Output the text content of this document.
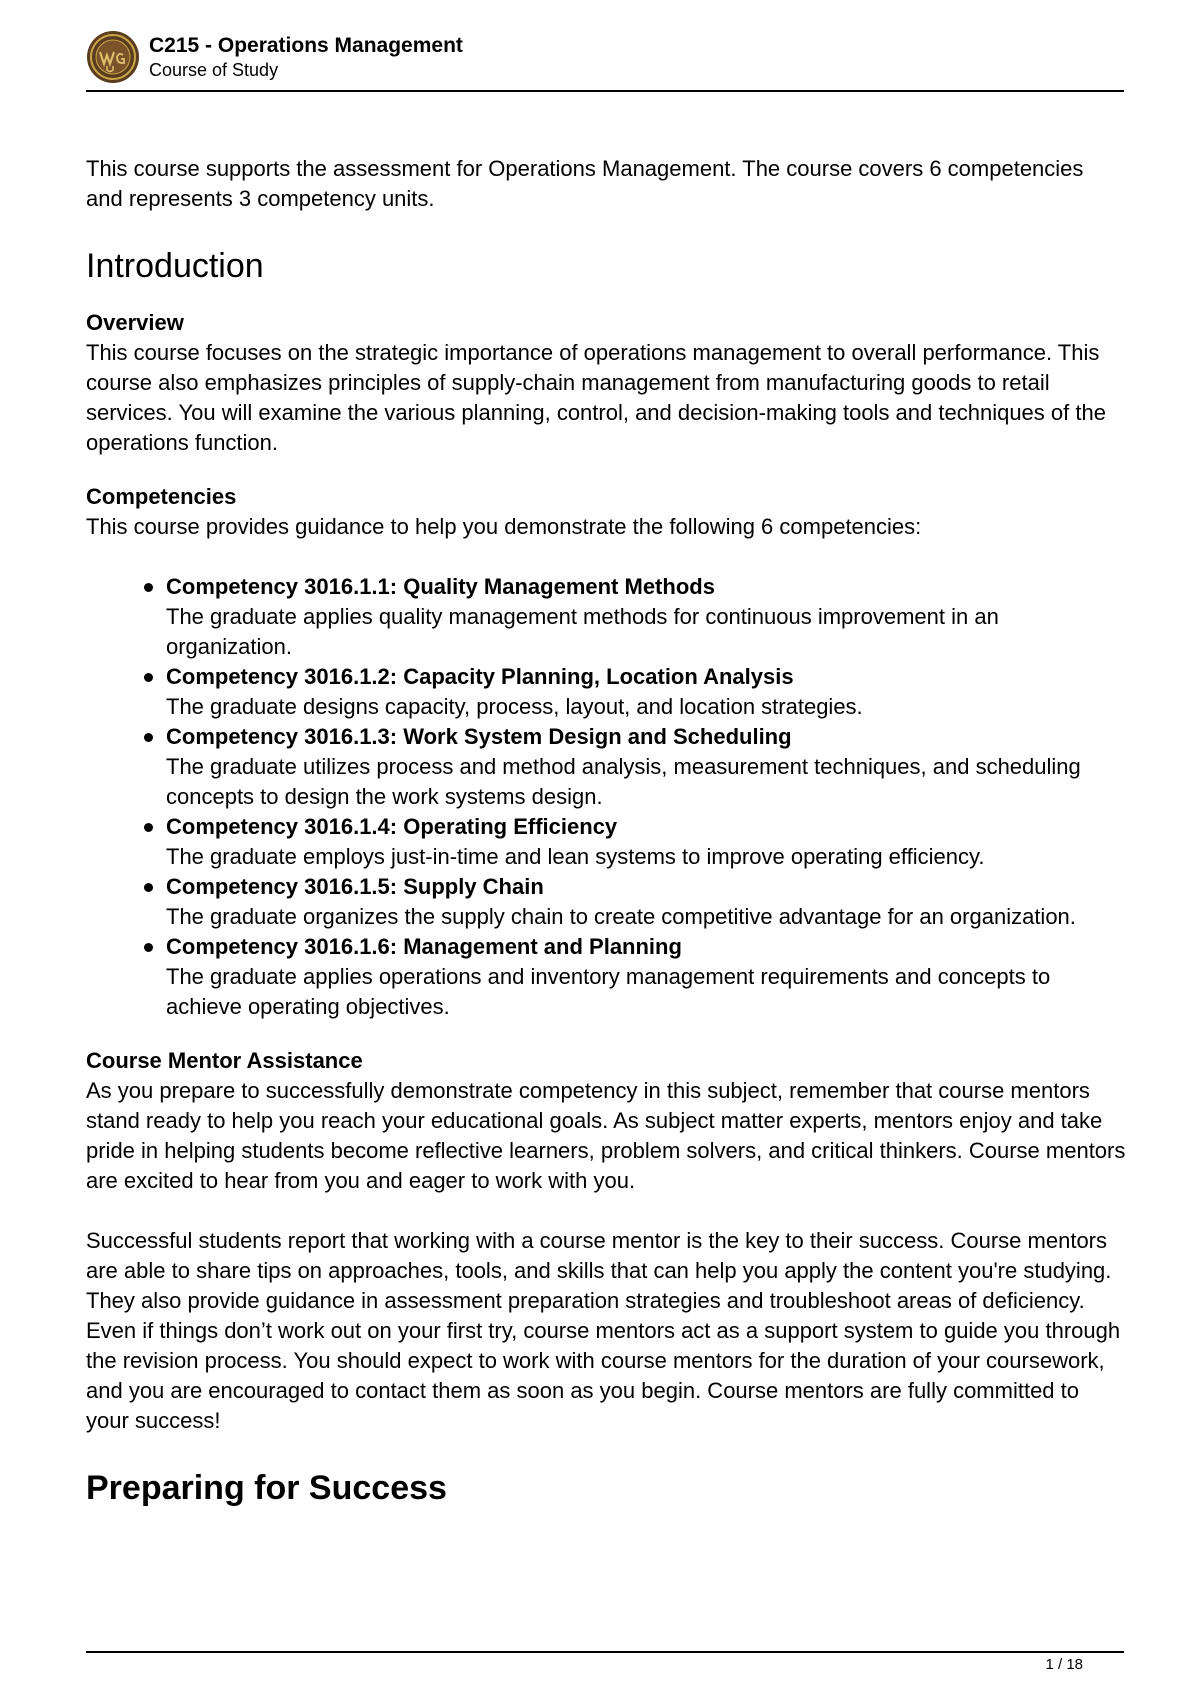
C215 - Operations Management
Course of Study

This course supports the assessment for Operations Management. The course covers 6 competencies and represents 3 competency units.

Introduction

Overview

This course focuses on the strategic importance of operations management to overall performance. This course also emphasizes principles of supply-chain management from manufacturing goods to retail services. You will examine the various planning, control, and decision-making tools and techniques of the operations function.

Competencies

This course provides guidance to help you demonstrate the following 6 competencies:

Competency 3016.1.1: Quality Management Methods
The graduate applies quality management methods for continuous improvement in an organization.
Competency 3016.1.2: Capacity Planning, Location Analysis
The graduate designs capacity, process, layout, and location strategies.
Competency 3016.1.3: Work System Design and Scheduling
The graduate utilizes process and method analysis, measurement techniques, and scheduling concepts to design the work systems design.
Competency 3016.1.4: Operating Efficiency
The graduate employs just-in-time and lean systems to improve operating efficiency.
Competency 3016.1.5: Supply Chain
The graduate organizes the supply chain to create competitive advantage for an organization.
Competency 3016.1.6: Management and Planning
The graduate applies operations and inventory management requirements and concepts to achieve operating objectives.

Course Mentor Assistance

As you prepare to successfully demonstrate competency in this subject, remember that course mentors stand ready to help you reach your educational goals. As subject matter experts, mentors enjoy and take pride in helping students become reflective learners, problem solvers, and critical thinkers. Course mentors are excited to hear from you and eager to work with you.

Successful students report that working with a course mentor is the key to their success. Course mentors are able to share tips on approaches, tools, and skills that can help you apply the content you're studying. They also provide guidance in assessment preparation strategies and troubleshoot areas of deficiency. Even if things don’t work out on your first try, course mentors act as a support system to guide you through the revision process. You should expect to work with course mentors for the duration of your coursework, and you are encouraged to contact them as soon as you begin. Course mentors are fully committed to your success!

Preparing for Success
1 / 18
